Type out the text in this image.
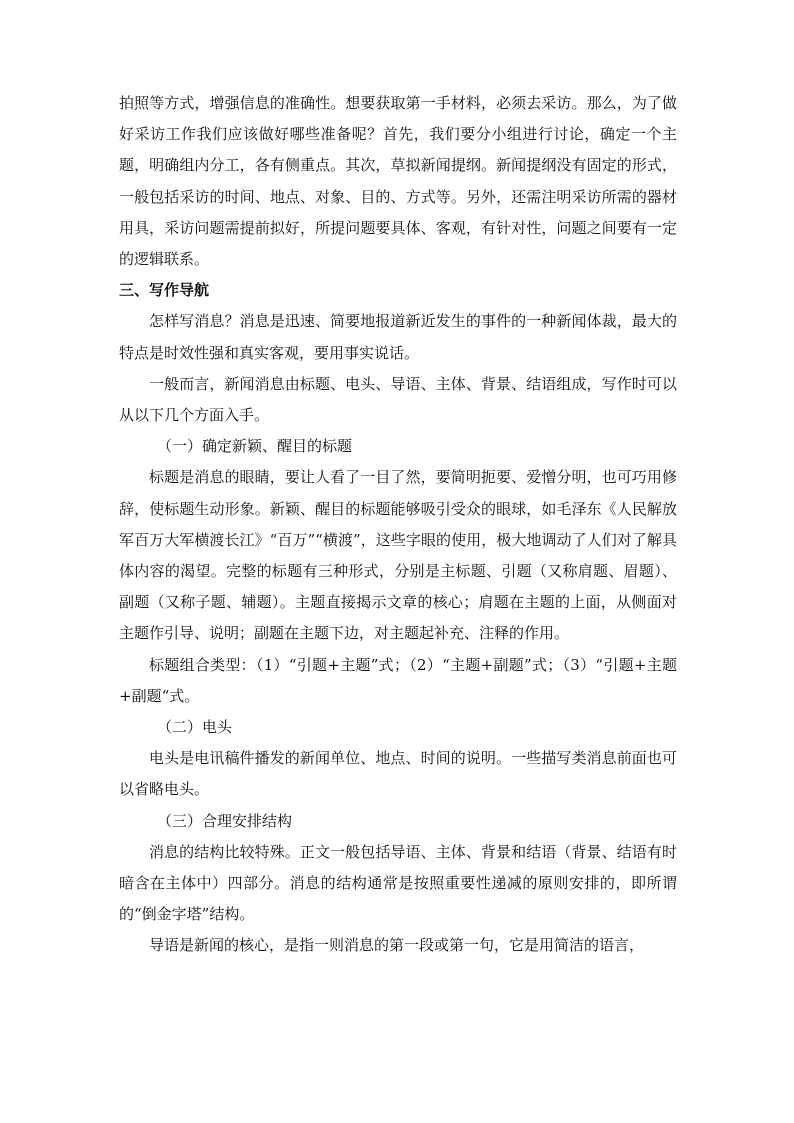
拍照等方式，增强信息的准确性。想要获取第一手材料，必须去采访。那么，为了做好采访工作我们应该做好哪些准备呢？首先，我们要分小组进行讨论，确定一个主题，明确组内分工，各有侧重点。其次，草拟新闻提纲。新闻提纲没有固定的形式，一般包括采访的时间、地点、对象、目的、方式等。另外，还需注明采访所需的器材用具，采访问题需提前拟好，所提问题要具体、客观，有针对性，问题之间要有一定的逻辑联系。

三、写作导航

怎样写消息？消息是迅速、简要地报道新近发生的事件的一种新闻体裁，最大的特点是时效性强和真实客观，要用事实说话。

一般而言，新闻消息由标题、电头、导语、主体、背景、结语组成，写作时可以从以下几个方面入手。

（一）确定新颖、醒目的标题

标题是消息的眼睛，要让人看了一目了然，要简明扼要、爱憎分明，也可巧用修辞，使标题生动形象。新颖、醒目的标题能够吸引受众的眼球，如毛泽东《人民解放军百万大军横渡长江》“百万”“横渡”，这些字眼的使用，极大地调动了人们对了解具体内容的渴望。完整的标题有三种形式，分别是主标题、引题（又称肩题、眉题）、副题（又称子题、辅题）。主题直接揭示文章的核心；肩题在主题的上面，从侧面对主题作引导、说明；副题在主题下边，对主题起补充、注释的作用。

标题组合类型：（1）“引题+主题”式；（2）“主题+副题”式；（3）“引题+主题+副题“式。

（二）电头

电头是电讯稿件播发的新闻单位、地点、时间的说明。一些描写类消息前面也可以省略电头。

（三）合理安排结构

消息的结构比较特殊。正文一般包括导语、主体、背景和结语（背景、结语有时暗含在主体中）四部分。消息的结构通常是按照重要性递减的原则安排的，即所谓的“倒金字塔”结构。

导语是新闻的核心，是指一则消息的第一段或第一句，它是用简洁的语言，
